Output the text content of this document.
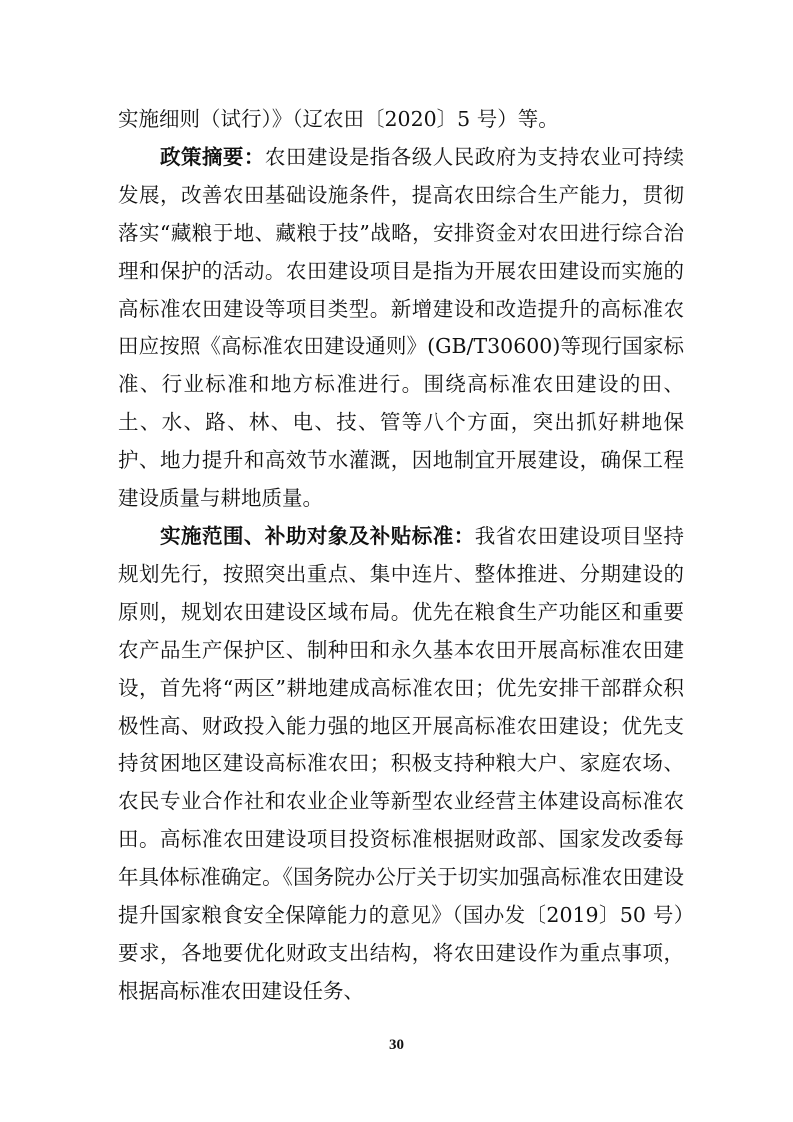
实施细则（试行）》（辽农田〔2020〕5 号）等。

政策摘要：农田建设是指各级人民政府为支持农业可持续发展，改善农田基础设施条件，提高农田综合生产能力，贯彻落实“藏粮于地、藏粮于技”战略，安排资金对农田进行综合治理和保护的活动。农田建设项目是指为开展农田建设而实施的高标准农田建设等项目类型。新增建设和改造提升的高标准农田应按照《高标准农田建设通则》(GB/T30600)等现行国家标准、行业标准和地方标准进行。围绕高标准农田建设的田、土、水、路、林、电、技、管等八个方面，突出抓好耕地保护、地力提升和高效节水灌溉，因地制宜开展建设，确保工程建设质量与耕地质量。

实施范围、补助对象及补贴标准：我省农田建设项目坚持规划先行，按照突出重点、集中连片、整体推进、分期建设的原则，规划农田建设区域布局。优先在粮食生产功能区和重要农产品生产保护区、制种田和永久基本农田开展高标准农田建设，首先将“两区”耕地建成高标准农田；优先安排干部群众积极性高、财政投入能力强的地区开展高标准农田建设；优先支持贫困地区建设高标准农田；积极支持种粮大户、家庭农场、农民专业合作社和农业企业等新型农业经营主体建设高标准农田。高标准农田建设项目投资标准根据财政部、国家发改委每年具体标准确定。《国务院办公厅关于切实加强高标准农田建设提升国家粮食安全保障能力的意见》（国办发〔2019〕50 号）要求，各地要优化财政支出结构，将农田建设作为重点事项，根据高标准农田建设任务、

30
